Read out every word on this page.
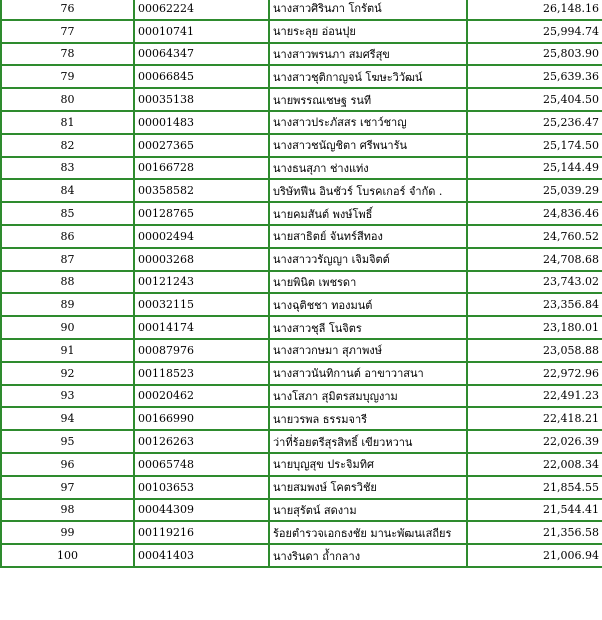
76	00062224	นางสาวศิรินภา โกรัตน์	26,148.16
77	00010741	นายระลุย อ่อนปุย	25,994.74
78	00064347	นางสาวพรนภา สมศรีสุข	25,803.90
79	00066845	นางสาวชุติกาญจน์ โฆษะวิวัฒน์	25,639.36
80	00035138	นายพรรณเชษฐ รนที	25,404.50
81	00001483	นางสาวประภัสสร เชาว์ชาญ	25,236.47
82	00027365	นางสาวชนัญชิตา ศรีพนารัน	25,174.50
83	00166728	นางธนสุภา ช่างแท่ง	25,144.49
84	00358582	บริษัทฟีน อินชัวร์ โบรคเกอร์ จำกัด .	25,039.29
85	00128765	นายคมสันต์ พงษ์โพธิ์	24,836.46
86	00002494	นายสาธิตย์ จันทร์สีทอง	24,760.52
87	00003268	นางสาววรัญญา เจิมจิตต์	24,708.68
88	00121243	นายพินิต เพชรดา	23,743.02
89	00032115	นางฉุติชชา ทองมนต์	23,356.84
90	00014174	นางสาวชุลี โนจิตร	23,180.01
91	00087976	นางสาวกษมา สุภาพงษ์	23,058.88
92	00118523	นางสาวนันทิกานต์ อาขาวาสนา	22,972.96
93	00020462	นางโสภา สุมิตรสมบุญงาม	22,491.23
94	00166990	นายวรพล ธรรมจารี	22,418.21
95	00126263	ว่าที่ร้อยตรีสุรสิทธิ์ เขียวหวาน	22,026.39
96	00065748	นายบุญสุข ประจิมทิศ	22,008.34
97	00103653	นายสมพงษ์ โคตรวิชัย	21,854.55
98	00044309	นายสุรัตน์ สดงาม	21,544.41
99	00119216	ร้อยตำรวจเอกธงชัย มานะพัฒนเสถียร	21,356.58
100	00041403	นางรินดา ถ้ำกลาง	21,006.94
